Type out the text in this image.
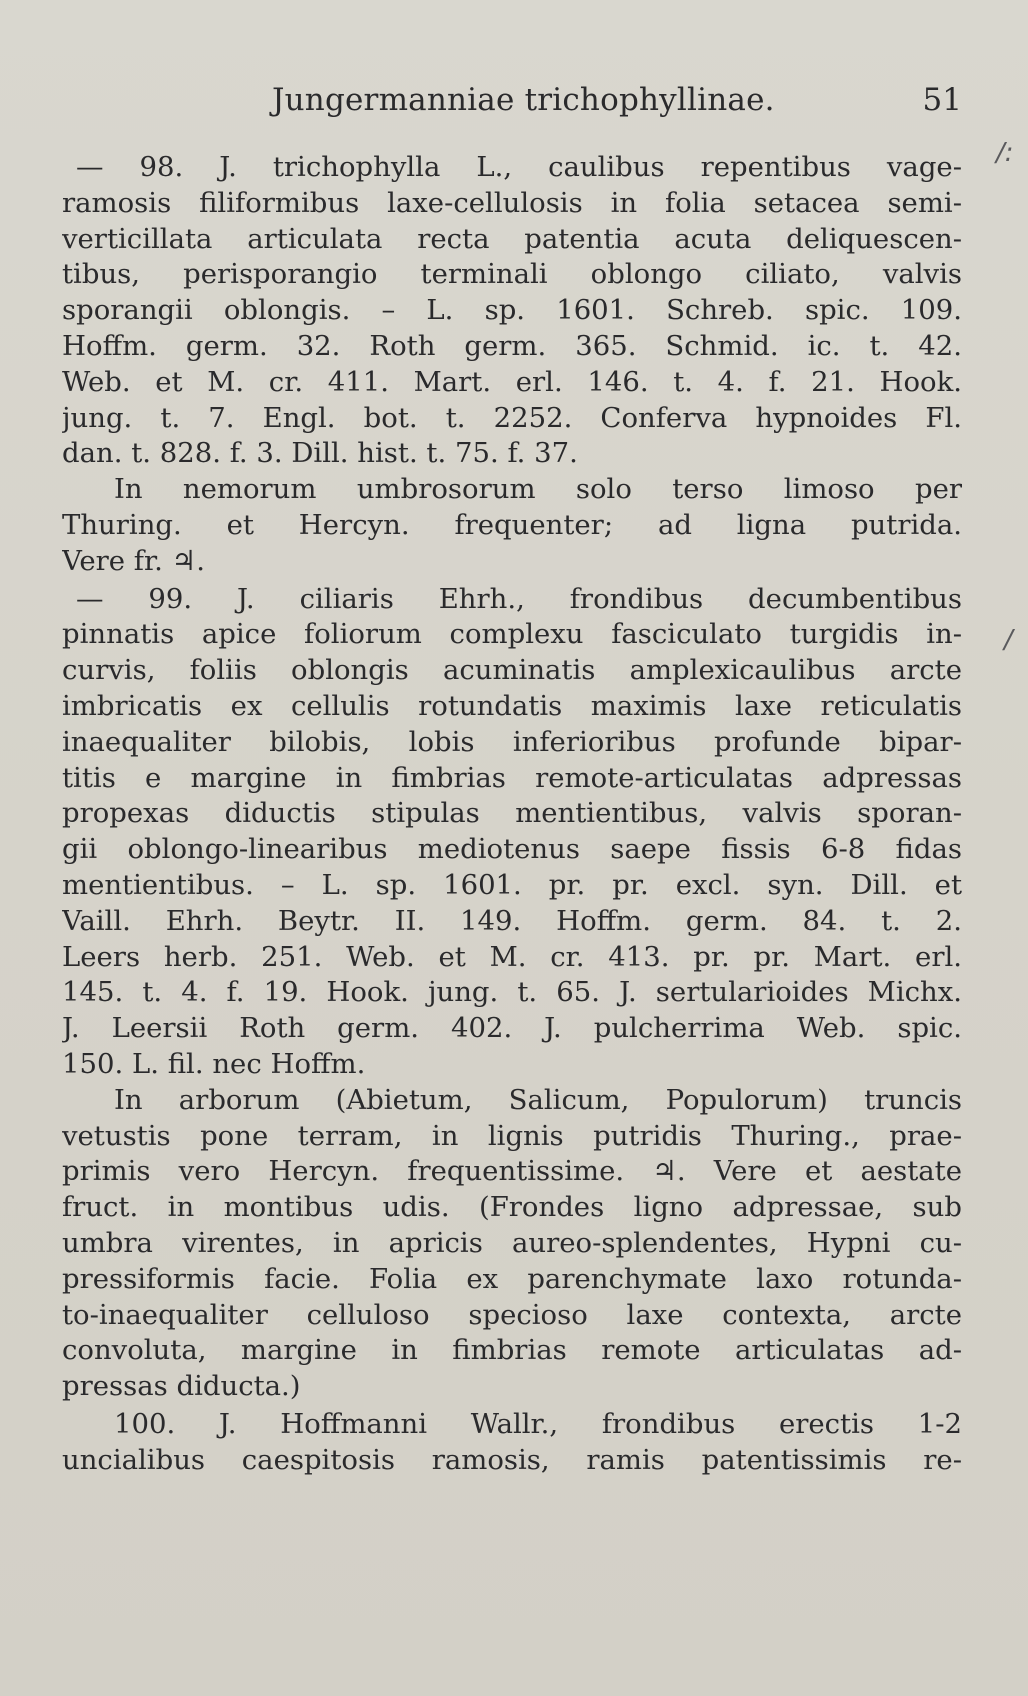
Jungermanniae trichophyllinae.	51
/:
/
— 98. J. trichophylla L., caulibus repentibus vage-
ramosis filiformibus laxe-cellulosis in folia setacea semi-
verticillata articulata recta patentia acuta deliquescen-
tibus, perisporangio terminali oblongo ciliato, valvis
sporangii oblongis. – L. sp. 1601. Schreb. spic. 109.
Hoffm. germ. 32. Roth germ. 365. Schmid. ic. t. 42.
Web. et M. cr. 411. Mart. erl. 146. t. 4. f. 21. Hook.
jung. t. 7. Engl. bot. t. 2252. Conferva hypnoides Fl.
dan. t. 828. f. 3. Dill. hist. t. 75. f. 37.
In nemorum umbrosorum solo terso limoso per
Thuring. et Hercyn. frequenter; ad ligna putrida.
Vere fr. ♃.
— 99. J. ciliaris Ehrh., frondibus decumbentibus
pinnatis apice foliorum complexu fasciculato turgidis in-
curvis, foliis oblongis acuminatis amplexicaulibus arcte
imbricatis ex cellulis rotundatis maximis laxe reticulatis
inaequaliter bilobis, lobis inferioribus profunde bipar-
titis e margine in fimbrias remote-articulatas adpressas
propexas diductis stipulas mentientibus, valvis sporan-
gii oblongo-linearibus mediotenus saepe fissis 6-8 fidas
mentientibus. – L. sp. 1601. pr. pr. excl. syn. Dill. et
Vaill. Ehrh. Beytr. II. 149. Hoffm. germ. 84. t. 2.
Leers herb. 251. Web. et M. cr. 413. pr. pr. Mart. erl.
145. t. 4. f. 19. Hook. jung. t. 65. J. sertularioides Michx.
J. Leersii Roth germ. 402. J. pulcherrima Web. spic.
150. L. fil. nec Hoffm.
In arborum (Abietum, Salicum, Populorum) truncis
vetustis pone terram, in lignis putridis Thuring., prae-
primis vero Hercyn. frequentissime. ♃. Vere et aestate
fruct. in montibus udis. (Frondes ligno adpressae, sub
umbra virentes, in apricis aureo-splendentes, Hypni cu-
pressiformis facie. Folia ex parenchymate laxo rotunda-
to-inaequaliter celluloso specioso laxe contexta, arcte
convoluta, margine in fimbrias remote articulatas ad-
pressas diducta.)
100. J. Hoffmanni Wallr., frondibus erectis 1-2
uncialibus caespitosis ramosis, ramis patentissimis re-
